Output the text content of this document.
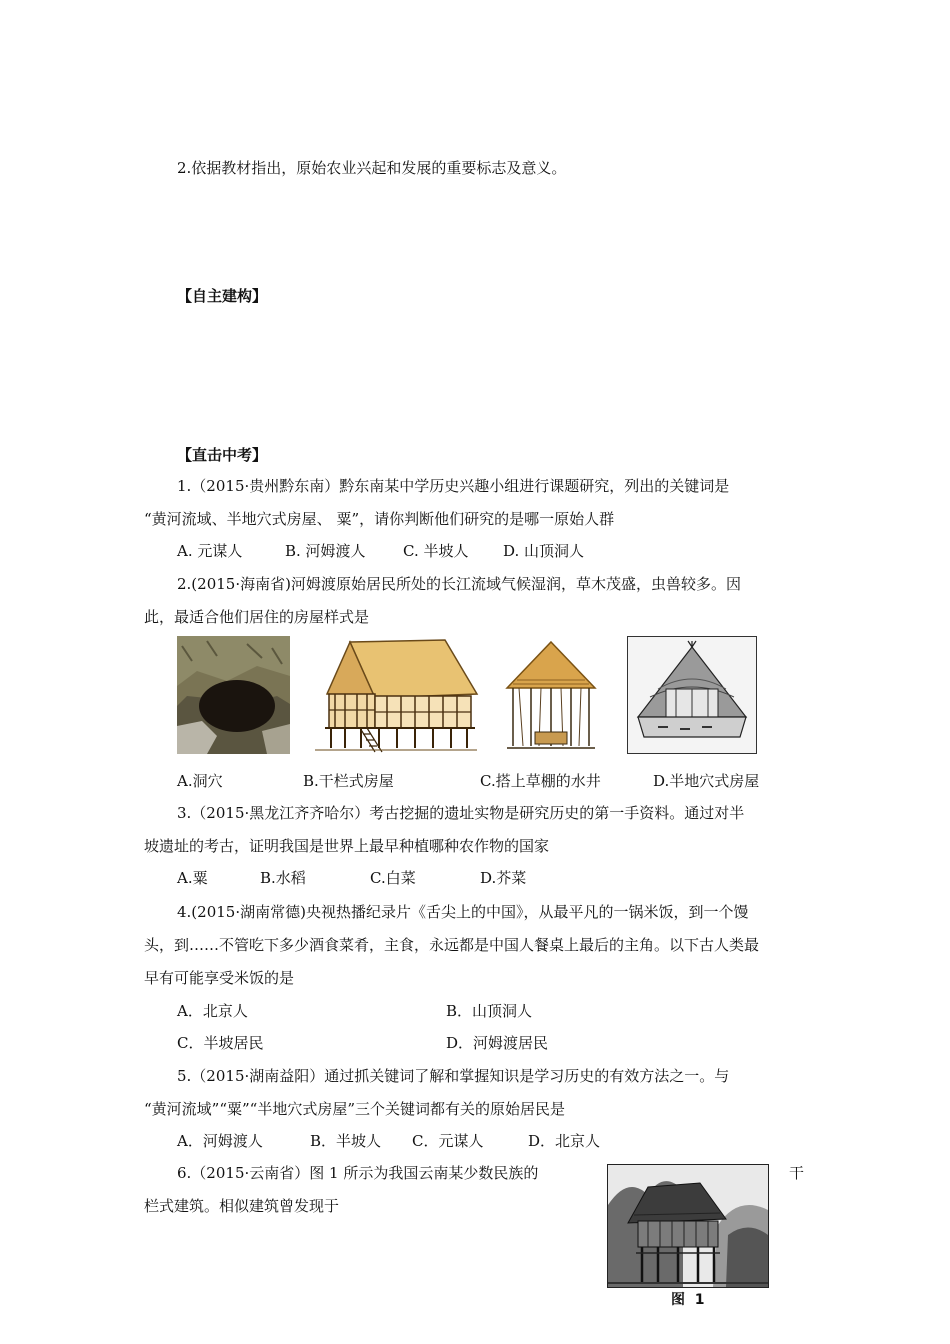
2.依据教材指出，原始农业兴起和发展的重要标志及意义。
【自主建构】
【直击中考】
1.（2015·贵州黔东南）黔东南某中学历史兴趣小组进行课题研究，列出的关键词是
“黄河流域、半地穴式房屋、 粟”，请你判断他们研究的是哪一原始人群
A. 元谋人	B. 河姆渡人 C. 半坡人 D. 山顶洞人
2.(2015·海南省)河姆渡原始居民所处的长江流域气候湿润，草木茂盛，虫兽较多。因
此，最适合他们居住的房屋样式是
A.洞穴	B.干栏式房屋	C.搭上草棚的水井	D.半地穴式房屋
3.（2015·黑龙江齐齐哈尔）考古挖掘的遗址实物是研究历史的第一手资料。通过对半
坡遗址的考古，证明我国是世界上最早种植哪种农作物的国家
A.粟	B.水稻	C.白菜	D.芥菜
4.(2015·湖南常德)央视热播纪录片《舌尖上的中国》，从最平凡的一锅米饭，到一个馒
头，到……不管吃下多少酒食菜肴，主食，永远都是中国人餐桌上最后的主角。以下古人类最
早有可能享受米饭的是
A．北京人	B．山顶洞人
C．半坡居民	D．河姆渡居民
5.（2015·湖南益阳）通过抓关键词了解和掌握知识是学习历史的有效方法之一。与
“黄河流域”“粟”“半地穴式房屋”三个关键词都有关的原始居民是
A．河姆渡人	B．半坡人 C．元谋人	D．北京人
6.（2015·云南省）图 1 所示为我国云南某少数民族的	干
栏式建筑。相似建筑曾发现于
图  1
